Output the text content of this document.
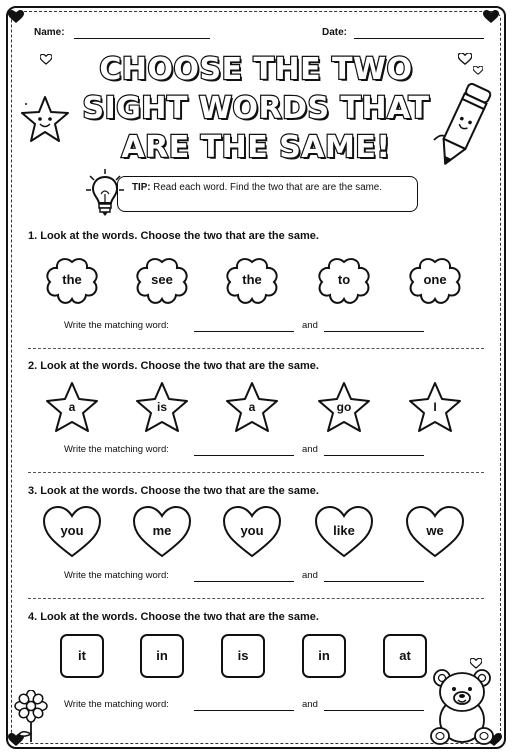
Name:	Date:
CHOOSE THE TWO
SIGHT WORDS THAT
ARE THE SAME!
TIP: Read each word. Find the two that are are the same.
1. Look at the words. Choose the two that are the same.
the	see	the	to	one
Write the matching word:	and
2. Look at the words. Choose the two that are the same.
a	is	a	go	I
Write the matching word:	and
3. Look at the words. Choose the two that are the same.
you	me	you	like	we
Write the matching word:	and
4. Look at the words. Choose the two that are the same.
it	in	is	in	at
Write the matching word:	and
